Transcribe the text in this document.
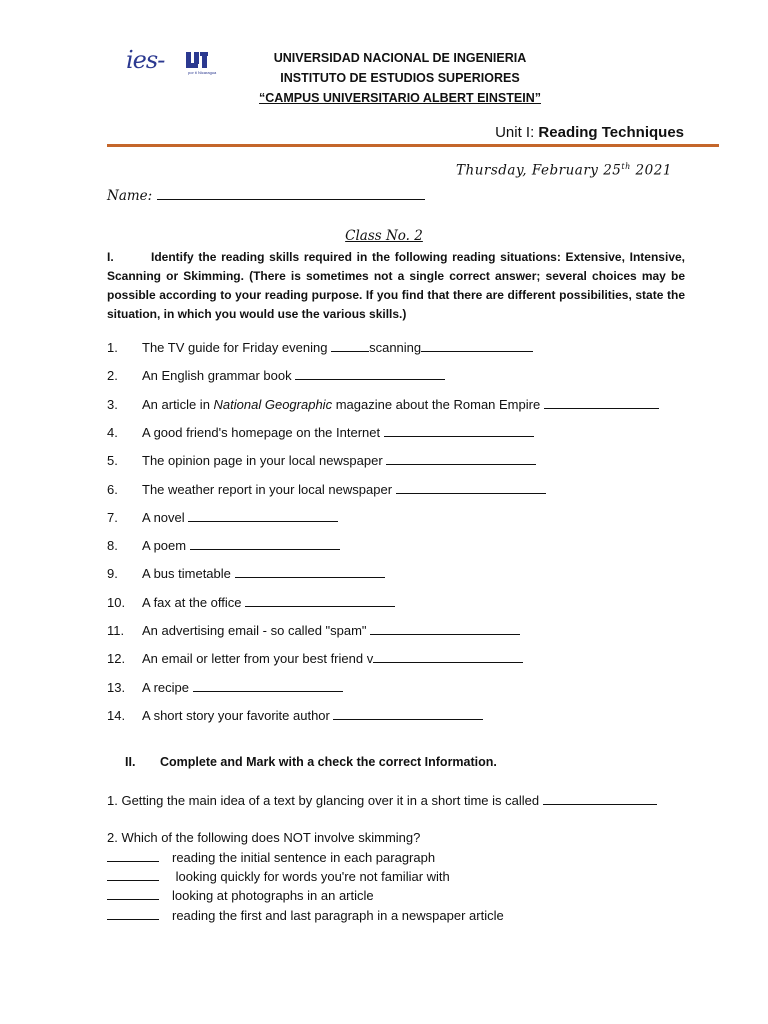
ies-	por ti Nicaragua
UNIVERSIDAD NACIONAL DE INGENIERIA
INSTITUTO DE ESTUDIOS SUPERIORES
“CAMPUS UNIVERSITARIO ALBERT EINSTEIN”
Unit I: Reading Techniques
Thursday, February 25th 2021
Name:
Class No. 2
I.	Identify the reading skills required in the following reading situations: Extensive, Intensive, Scanning or Skimming. (There is sometimes not a single correct answer; several choices may be possible according to your reading purpose. If you find that there are different possibilities, state the situation, in which you would use the various skills.)
1. The TV guide for Friday evening	scanning
2. An English grammar book
3. An article in National Geographic magazine about the Roman Empire
4. A good friend's homepage on the Internet
5. The opinion page in your local newspaper
6. The weather report in your local newspaper
7. A novel
8. A poem
9. A bus timetable
10. A fax at the office
11. An advertising email - so called "spam"
12. An email or letter from your best friend v
13. A recipe
14. A short story your favorite author
II. Complete and Mark with a check the correct Information.
1. Getting the main idea of a text by glancing over it in a short time is called
2. Which of the following does NOT involve skimming?
reading the initial sentence in each paragraph
looking quickly for words you're not familiar with
looking at photographs in an article
reading the first and last paragraph in a newspaper article
